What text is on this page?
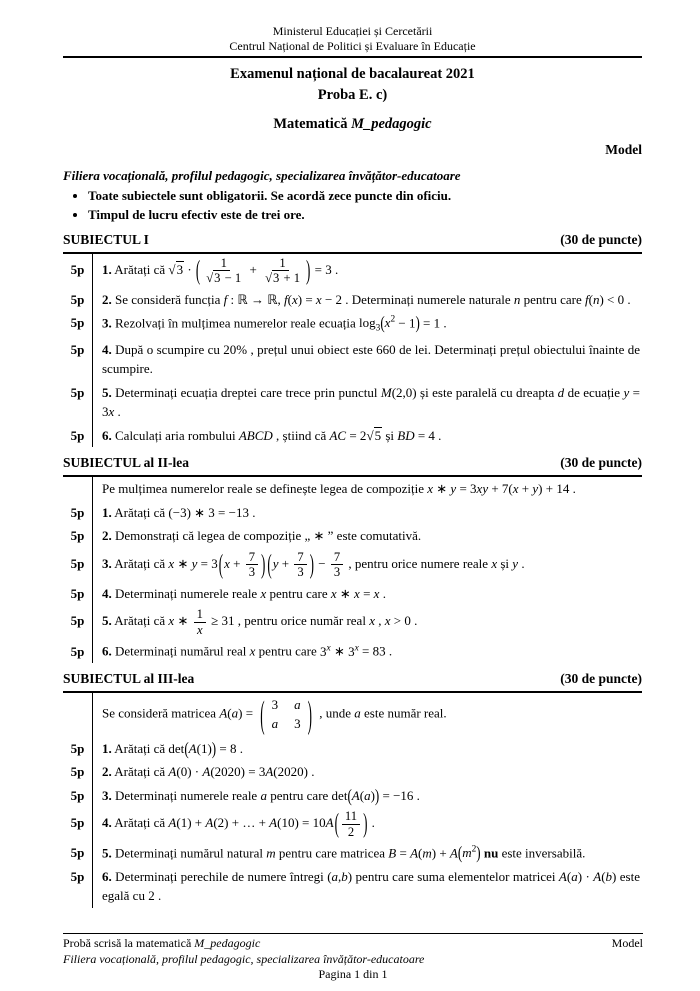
Ministerul Educației și Cercetării
Centrul Național de Politici și Evaluare în Educație
Examenul național de bacalaureat 2021
Proba E. c)
Matematică M_pedagogic
Model
Filiera vocațională, profilul pedagogic, specializarea învățător-educatoare
• Toate subiectele sunt obligatorii. Se acordă zece puncte din oficiu.
• Timpul de lucru efectiv este de trei ore.
SUBIECTUL I	(30 de puncte)
5p	1. Arătați că √3 · ( $\frac{1}{√3 - 1} + \frac{1}{√3 + 1}$ ) = 3 .
5p	2. Se consideră funcția f : ℝ → ℝ, f(x) = x − 2 . Determinați numerele naturale n pentru care f(n) < 0 .
5p	3. Rezolvați în mulțimea numerelor reale ecuația $\log_3(x^2 - 1) = 1$ .
5p	4. După o scumpire cu 20% , prețul unui obiect este 660 de lei. Determinați prețul obiectului înainte de scumpire.
5p	5. Determinați ecuația dreptei care trece prin punctul M(2,0) și este paralelă cu dreapta d de ecuație y = 3x .
5p	6. Calculați aria rombului ABCD , știind că AC = 2√5 și BD = 4 .
SUBIECTUL al II-lea	(30 de puncte)
Pe mulțimea numerelor reale se definește legea de compoziție x ∗ y = 3xy + 7(x + y) + 14 .
5p	1. Arătați că (−3) ∗ 3 = −13 .
5p	2. Demonstrați că legea de compoziție „ ∗ ” este comutativă.
5p	3. Arătați că x ∗ $y = 3(x + \frac{7}{3}$ ) ($y + \frac{7}{3}$ ) − $\frac{7}{3}$ , pentru orice numere reale x și y .
5p	4. Determinați numerele reale x pentru care x ∗ x = x .
5p	5. Arătați că x ∗ $\frac{1}{x} \ge 31$ , pentru orice număr real x , x > 0 .
5p	6. Determinați numărul real x pentru care 3$^x$ ∗ $3^x = 83$ .
SUBIECTUL al III-lea	(30 de puncte)
Se consideră matricea A(a) = ( 3 a
a 3 ) , unde a este număr real.
5p	1. Arătați că det(A(1)) = 8 .
5p	2. Arătați că A(0) · A(2020) = 3A(2020) .
5p	3. Determinați numerele reale a pentru care det(A(a)) = −16 .
5p	4. Arătați că A(1) + A(2) + … + $A(10) = 10A( \frac{11}{2}$ ) .
5p	5. Determinați numărul natural m pentru care matricea $B = A(m) + A(m^2)$ nu este inversabilă.
5p	6. Determinați perechile de numere întregi (a,b) pentru care suma elementelor matricei A(a) · A(b) este egală cu 2 .
Probă scrisă la matematică M_pedagogic	Model
Filiera vocațională, profilul pedagogic, specializarea învățător-educatoare
Pagina 1 din 1
